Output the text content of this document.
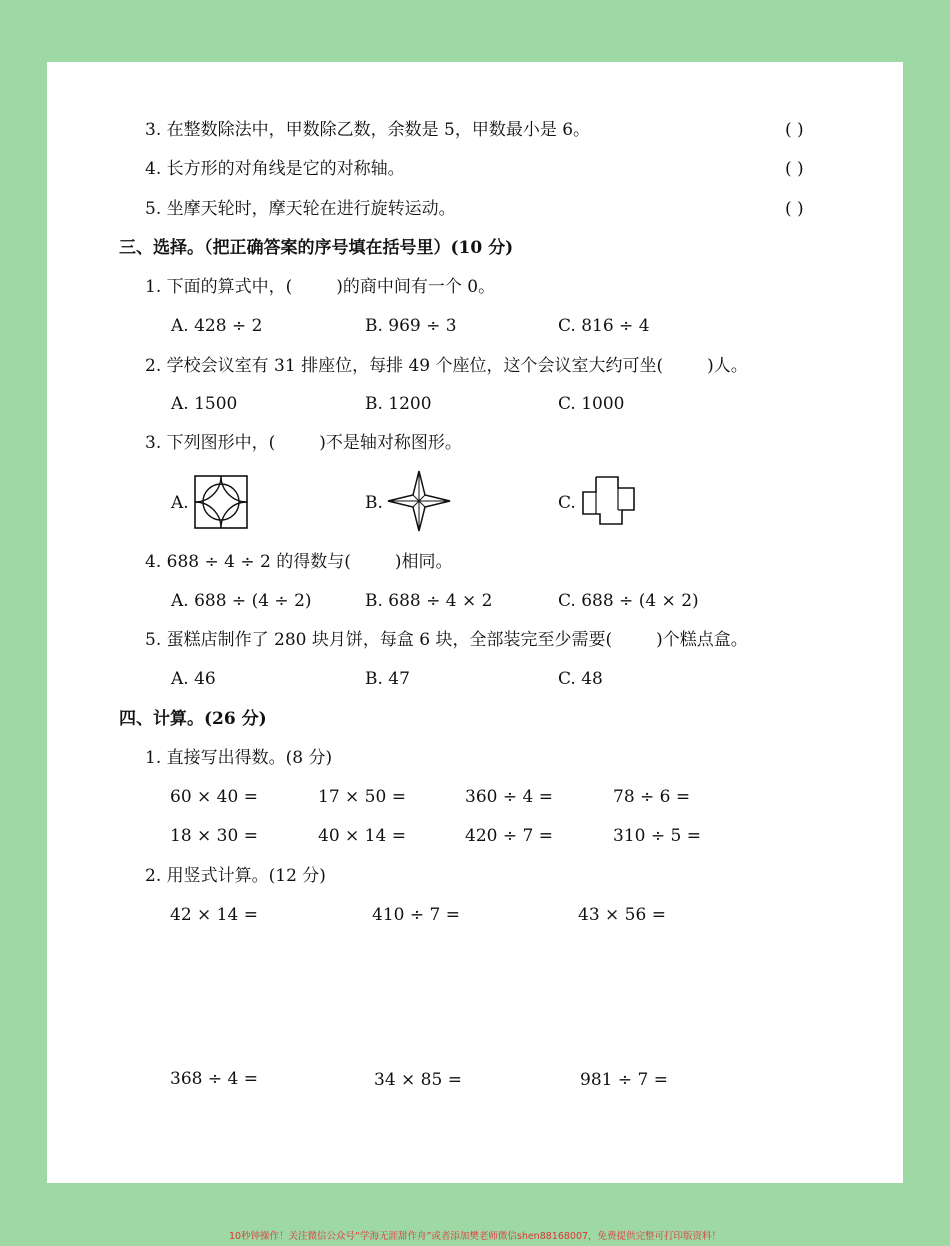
3. 在整数除法中，甲数除乙数，余数是 5，甲数最小是 6。	( )
4. 长方形的对角线是它的对称轴。	( )
5. 坐摩天轮时，摩天轮在进行旋转运动。	( )
三、选择。（把正确答案的序号填在括号里）(10 分)
1. 下面的算式中，(	)的商中间有一个 0。
A. 428 ÷ 2	B. 969 ÷ 3	C. 816 ÷ 4
2. 学校会议室有 31 排座位，每排 49 个座位，这个会议室大约可坐(	)人。
A. 1500	B. 1200	C. 1000
3. 下列图形中，(	)不是轴对称图形。
A.	B.	C.
4. 688 ÷ 4 ÷ 2 的得数与(	)相同。
A. 688 ÷ (4 ÷ 2)	B. 688 ÷ 4 × 2	C. 688 ÷ (4 × 2)
5. 蛋糕店制作了 280 块月饼，每盒 6 块，全部装完至少需要(	)个糕点盒。
A. 46	B. 47	C. 48
四、计算。(26 分)
1. 直接写出得数。(8 分)
60 × 40 =	17 × 50 =	360 ÷ 4 =	78 ÷ 6 =
18 × 30 =	40 × 14 =	420 ÷ 7 =	310 ÷ 5 =
2. 用竖式计算。(12 分)
42 × 14 =	410 ÷ 7 =	43 × 56 =
368 ÷ 4 =	34 × 85 =	981 ÷ 7 =
10秒钟操作！关注微信公众号“学海无涯甜作舟”或者添加樊老师微信shen88168007，免费提供完整可打印版资料！
